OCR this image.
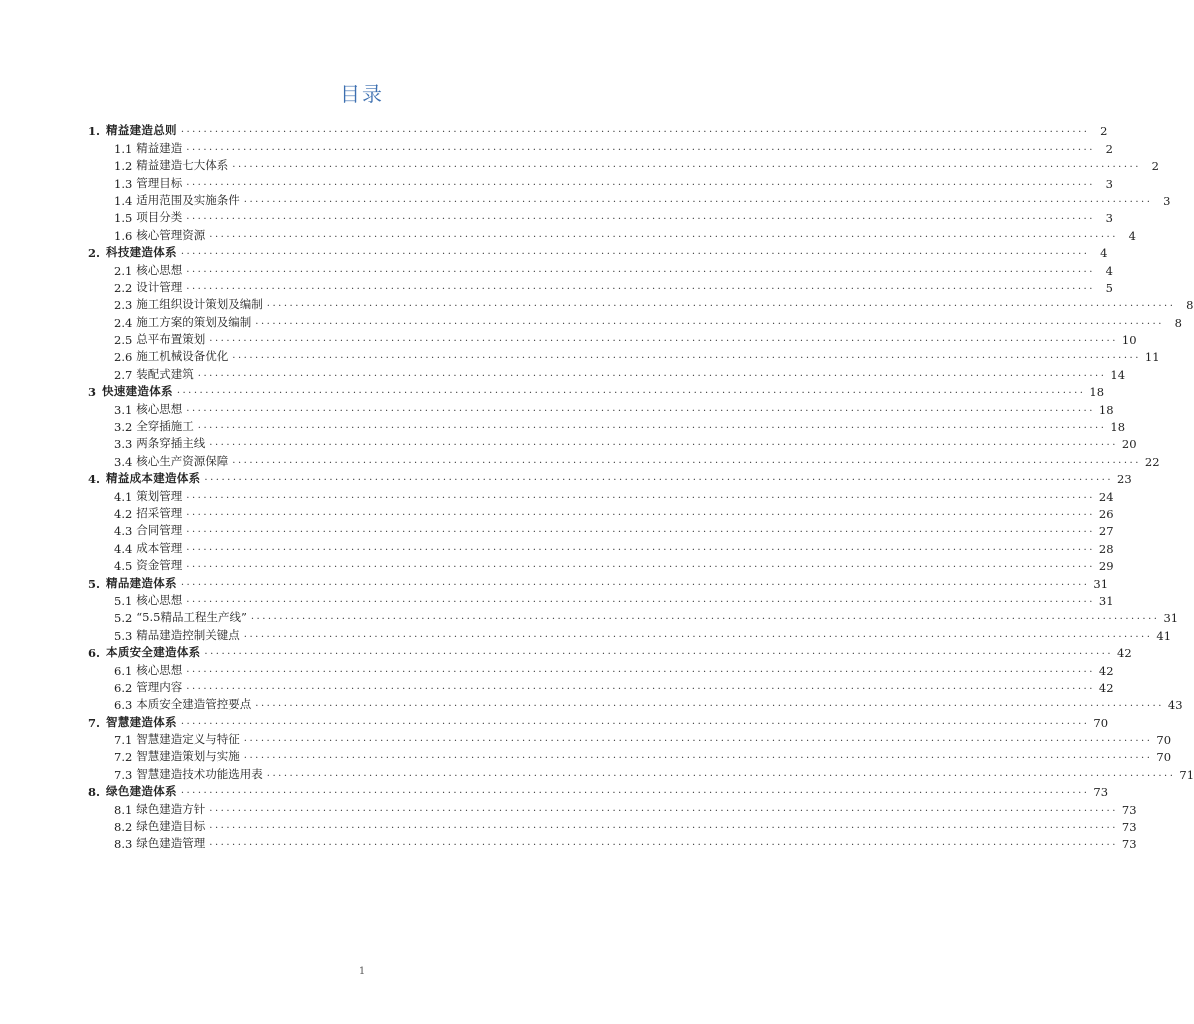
目录
1. 精益建造总则 ................................................................................................................................................................ 2
1.1 精益建造 ................................................................................................................................................................ 2
1.2 精益建造七大体系 ................................................................................................................................................................ 2
1.3 管理目标 ................................................................................................................................................................ 3
1.4 适用范围及实施条件 ................................................................................................................................................................ 3
1.5 项目分类 ................................................................................................................................................................ 3
1.6 核心管理资源 ................................................................................................................................................................ 4
2. 科技建造体系 ................................................................................................................................................................ 4
2.1 核心思想 ................................................................................................................................................................ 4
2.2 设计管理 ................................................................................................................................................................ 5
2.3 施工组织设计策划及编制 ................................................................................................................................................................ 8
2.4 施工方案的策划及编制 ................................................................................................................................................................ 8
2.5 总平布置策划 ................................................................................................................................................................ 10
2.6 施工机械设备优化 ................................................................................................................................................................ 11
2.7 装配式建筑 ................................................................................................................................................................ 14
3 快速建造体系 ................................................................................................................................................................ 18
3.1 核心思想 ................................................................................................................................................................ 18
3.2 全穿插施工 ................................................................................................................................................................ 18
3.3 两条穿插主线 ................................................................................................................................................................ 20
3.4 核心生产资源保障 ................................................................................................................................................................ 22
4. 精益成本建造体系 ................................................................................................................................................................ 23
4.1 策划管理 ................................................................................................................................................................ 24
4.2 招采管理 ................................................................................................................................................................ 26
4.3 合同管理 ................................................................................................................................................................ 27
4.4 成本管理 ................................................................................................................................................................ 28
4.5 资金管理 ................................................................................................................................................................ 29
5. 精品建造体系 ................................................................................................................................................................ 31
5.1 核心思想 ................................................................................................................................................................ 31
5.2 “5.5精品工程生产线” ................................................................................................................................................................ 31
5.3 精品建造控制关键点 ................................................................................................................................................................ 41
6. 本质安全建造体系 ................................................................................................................................................................ 42
6.1 核心思想 ................................................................................................................................................................ 42
6.2 管理内容 ................................................................................................................................................................ 42
6.3 本质安全建造管控要点 ................................................................................................................................................................ 43
7. 智慧建造体系 ................................................................................................................................................................ 70
7.1 智慧建造定义与特征 ................................................................................................................................................................ 70
7.2 智慧建造策划与实施 ................................................................................................................................................................ 70
7.3 智慧建造技术功能选用表 ................................................................................................................................................................ 71
8. 绿色建造体系 ................................................................................................................................................................ 73
8.1 绿色建造方针 ................................................................................................................................................................ 73
8.2 绿色建造目标 ................................................................................................................................................................ 73
8.3 绿色建造管理 ................................................................................................................................................................ 73
1
